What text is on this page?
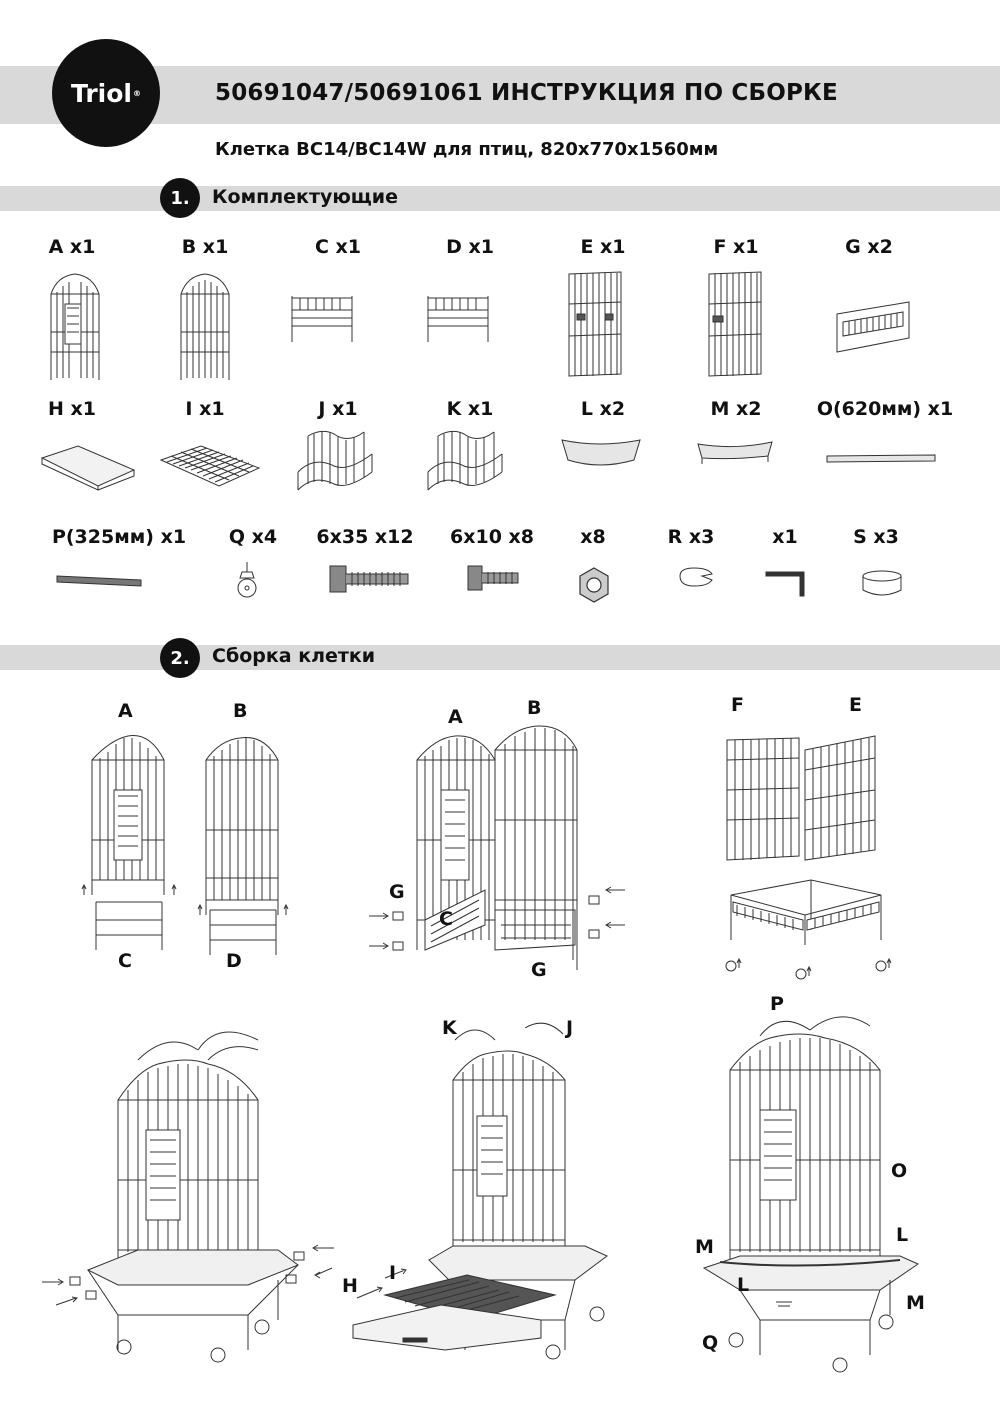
Triol ®	50691047/50691061 ИНСТРУКЦИЯ ПО СБОРКЕ
Клетка BC14/BC14W для птиц, 820x770x1560мм
1.	Комплектующие
A x1	B x1	C x1	D x1	E x1	F x1	G x2
H x1	I x1	J x1	K x1	L x2	M x2	O(620мм) x1
P(325мм) x1 Q x4 6x35 x12 6x10 x8 x8	R x3	x1	S x3
2.	Сборка клетки
A	B
C	D
A	B
G
C
G
F	E
K	J
H
I
P
O
L
M
L
M
Q
